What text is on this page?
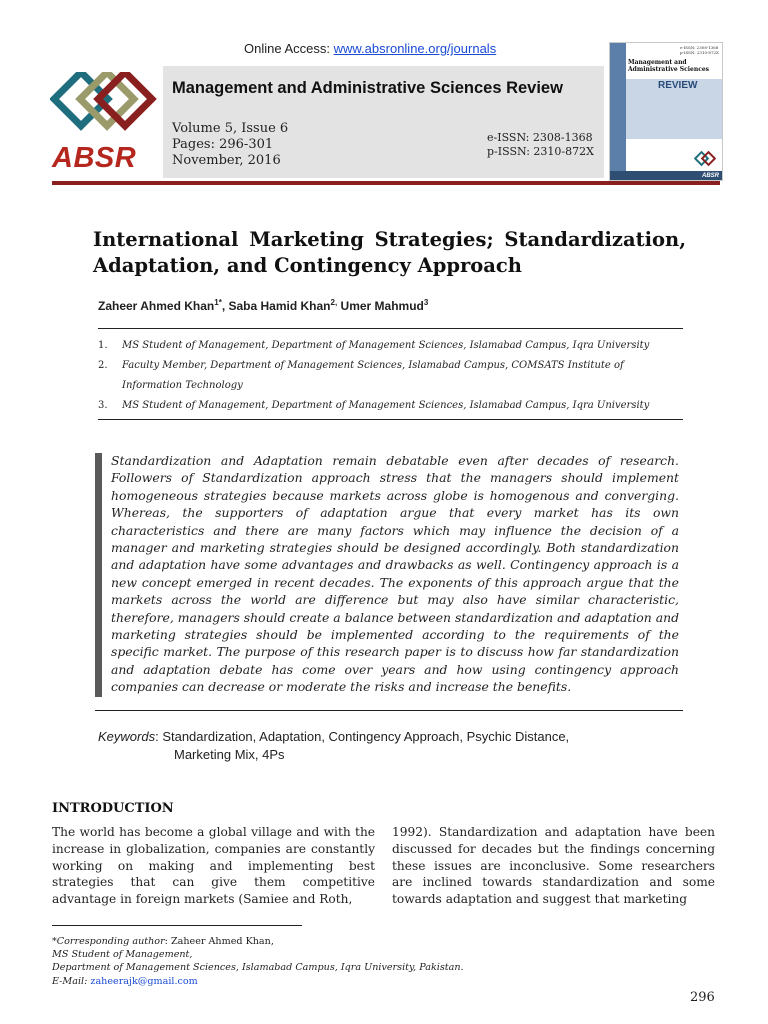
Online Access: www.absronline.org/journals
ABSR
Management and Administrative Sciences Review
Volume 5, Issue 6
Pages: 296-301
November, 2016
e-ISSN: 2308-1368
p-ISSN: 2310-872X
e-ISSN: 2308-1368
p-ISSN: 2310-872X
Management and
Administrative Sciences
REVIEW
ABSR
International Marketing Strategies; Standardization, Adaptation, and Contingency Approach
Zaheer Ahmed Khan$^{1*}$, Saba Hamid Khan$^{2,}$ Umer Mahmud$^3$
1.	MS Student of Management, Department of Management Sciences, Islamabad Campus, Iqra University
2.	Faculty Member, Department of Management Sciences, Islamabad Campus, COMSATS Institute of Information Technology
3.	MS Student of Management, Department of Management Sciences, Islamabad Campus, Iqra University
Standardization and Adaptation remain debatable even after decades of research. Followers of Standardization approach stress that the managers should implement homogeneous strategies because markets across globe is homogenous and converging. Whereas, the supporters of adaptation argue that every market has its own characteristics and there are many factors which may influence the decision of a manager and marketing strategies should be designed accordingly. Both standardization and adaptation have some advantages and drawbacks as well. Contingency approach is a new concept emerged in recent decades. The exponents of this approach argue that the markets across the world are difference but may also have similar characteristic, therefore, managers should create a balance between standardization and adaptation and marketing strategies should be implemented according to the requirements of the specific market. The purpose of this research paper is to discuss how far standardization and adaptation debate has come over years and how using contingency approach companies can decrease or moderate the risks and increase the benefits.
Keywords: Standardization, Adaptation, Contingency Approach, Psychic Distance,
Marketing Mix, 4Ps
INTRODUCTION
The world has become a global village and with the increase in globalization, companies are constantly working on making and implementing best strategies that can give them competitive advantage in foreign markets (Samiee and Roth,
1992). Standardization and adaptation have been discussed for decades but the findings concerning these issues are inconclusive. Some researchers are inclined towards standardization and some towards adaptation and suggest that marketing
*Corresponding author: Zaheer Ahmed Khan,
MS Student of Management,
Department of Management Sciences, Islamabad Campus, Iqra University, Pakistan.
E-Mail: zaheerajk@gmail.com
296
